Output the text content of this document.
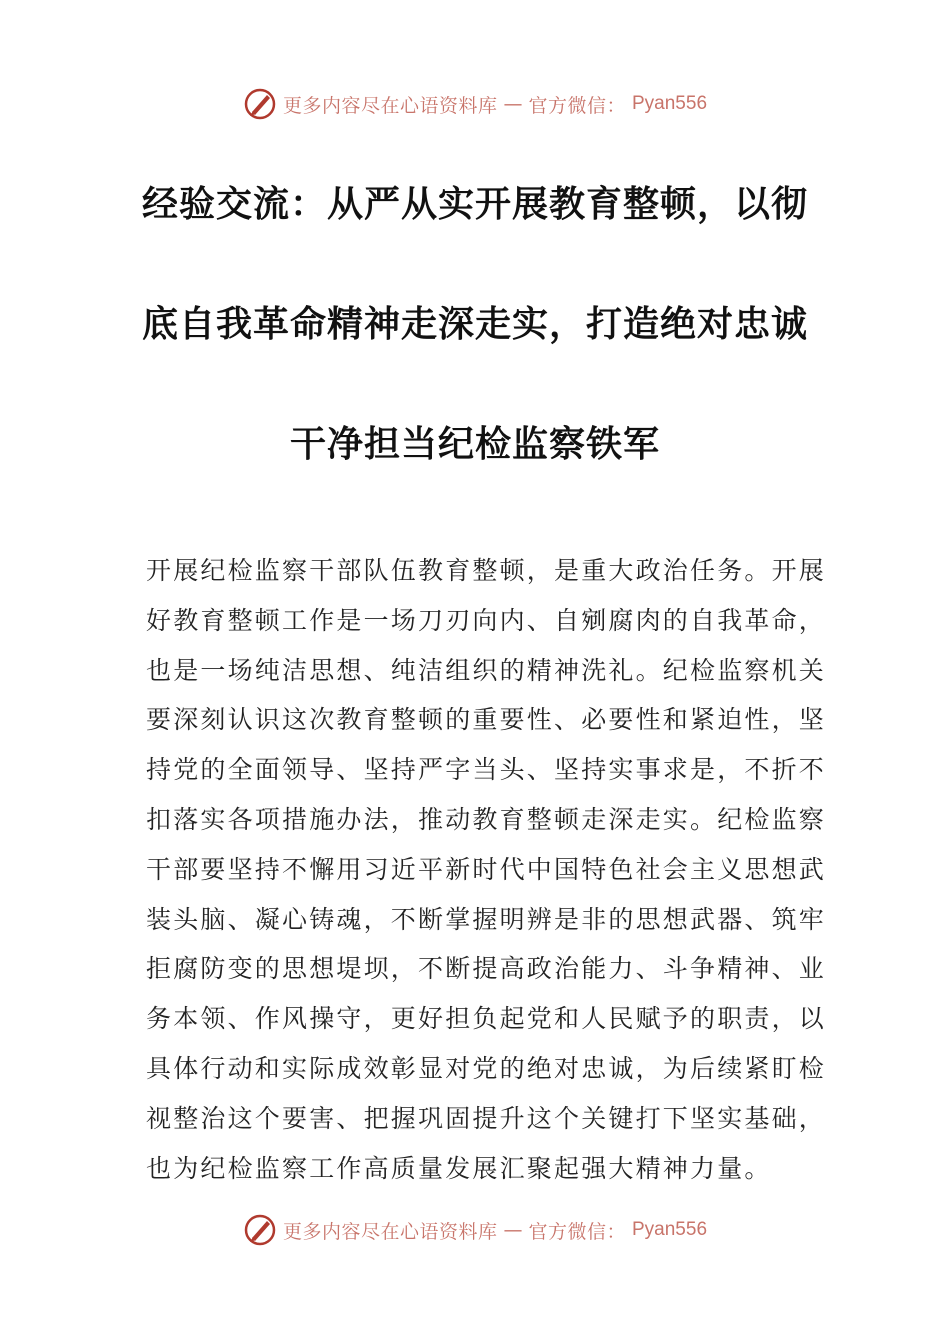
更多内容尽在心语资料库 — 官方微信： Pyan556
经验交流：从严从实开展教育整顿，以彻
底自我革命精神走深走实，打造绝对忠诚
干净担当纪检监察铁军
开展纪检监察干部队伍教育整顿，是重大政治任务。开展
好教育整顿工作是一场刀刃向内、自剜腐肉的自我革命，
也是一场纯洁思想、纯洁组织的精神洗礼。纪检监察机关
要深刻认识这次教育整顿的重要性、必要性和紧迫性，坚
持党的全面领导、坚持严字当头、坚持实事求是，不折不
扣落实各项措施办法，推动教育整顿走深走实。纪检监察
干部要坚持不懈用习近平新时代中国特色社会主义思想武
装头脑、凝心铸魂，不断掌握明辨是非的思想武器、筑牢
拒腐防变的思想堤坝，不断提高政治能力、斗争精神、业
务本领、作风操守，更好担负起党和人民赋予的职责，以
具体行动和实际成效彰显对党的绝对忠诚，为后续紧盯检
视整治这个要害、把握巩固提升这个关键打下坚实基础，
也为纪检监察工作高质量发展汇聚起强大精神力量。
更多内容尽在心语资料库 — 官方微信： Pyan556
